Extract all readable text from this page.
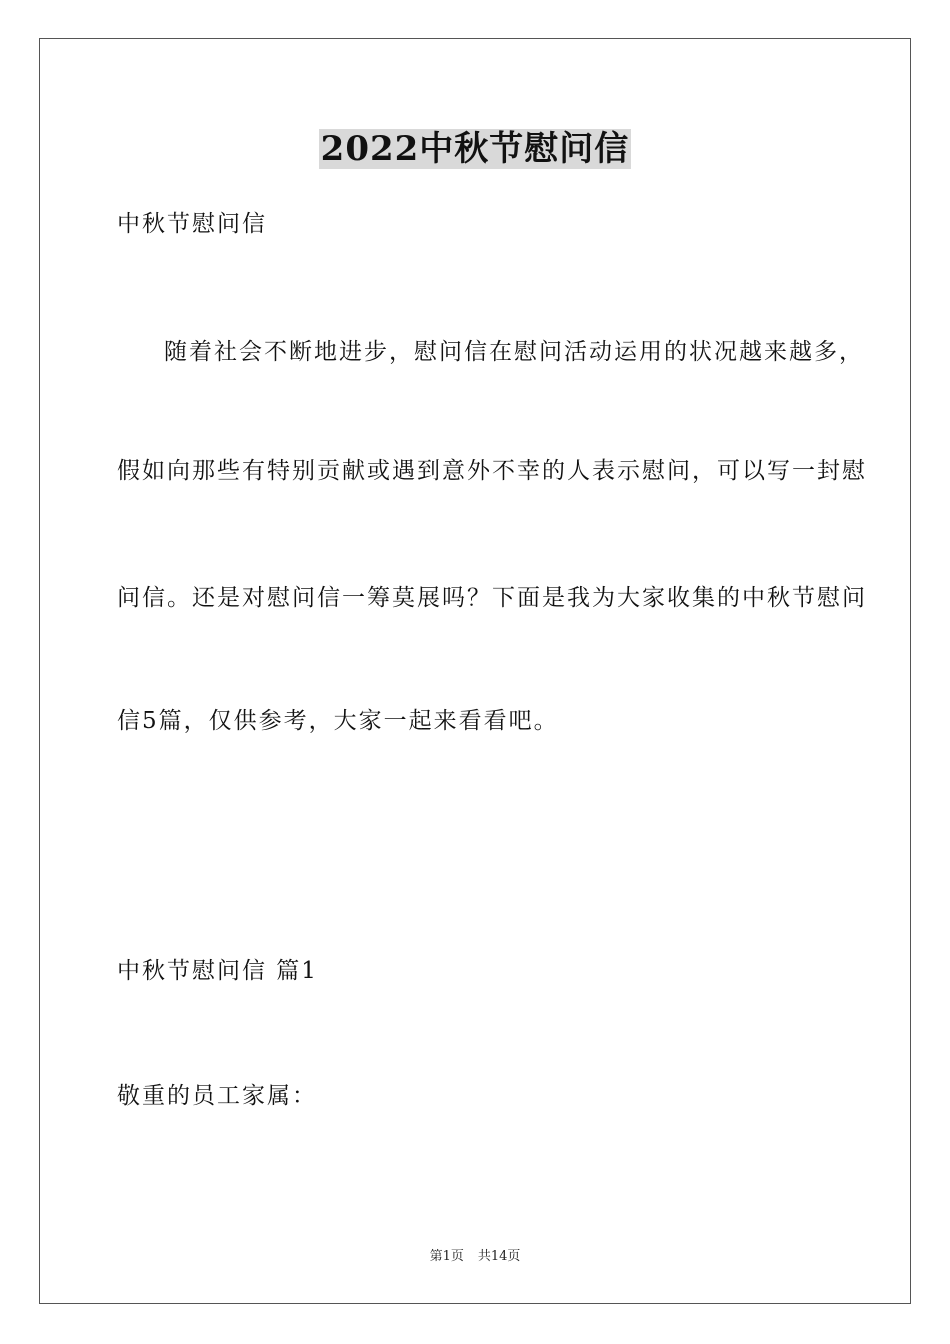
2022中秋节慰问信
中秋节慰问信
随着社会不断地进步，慰问信在慰问活动运用的状况越来越多，
假如向那些有特别贡献或遇到意外不幸的人表示慰问，可以写一封慰
问信。还是对慰问信一筹莫展吗？下面是我为大家收集的中秋节慰问
信5篇，仅供参考，大家一起来看看吧。
中秋节慰问信 篇1
敬重的员工家属：
第1页 共14页
